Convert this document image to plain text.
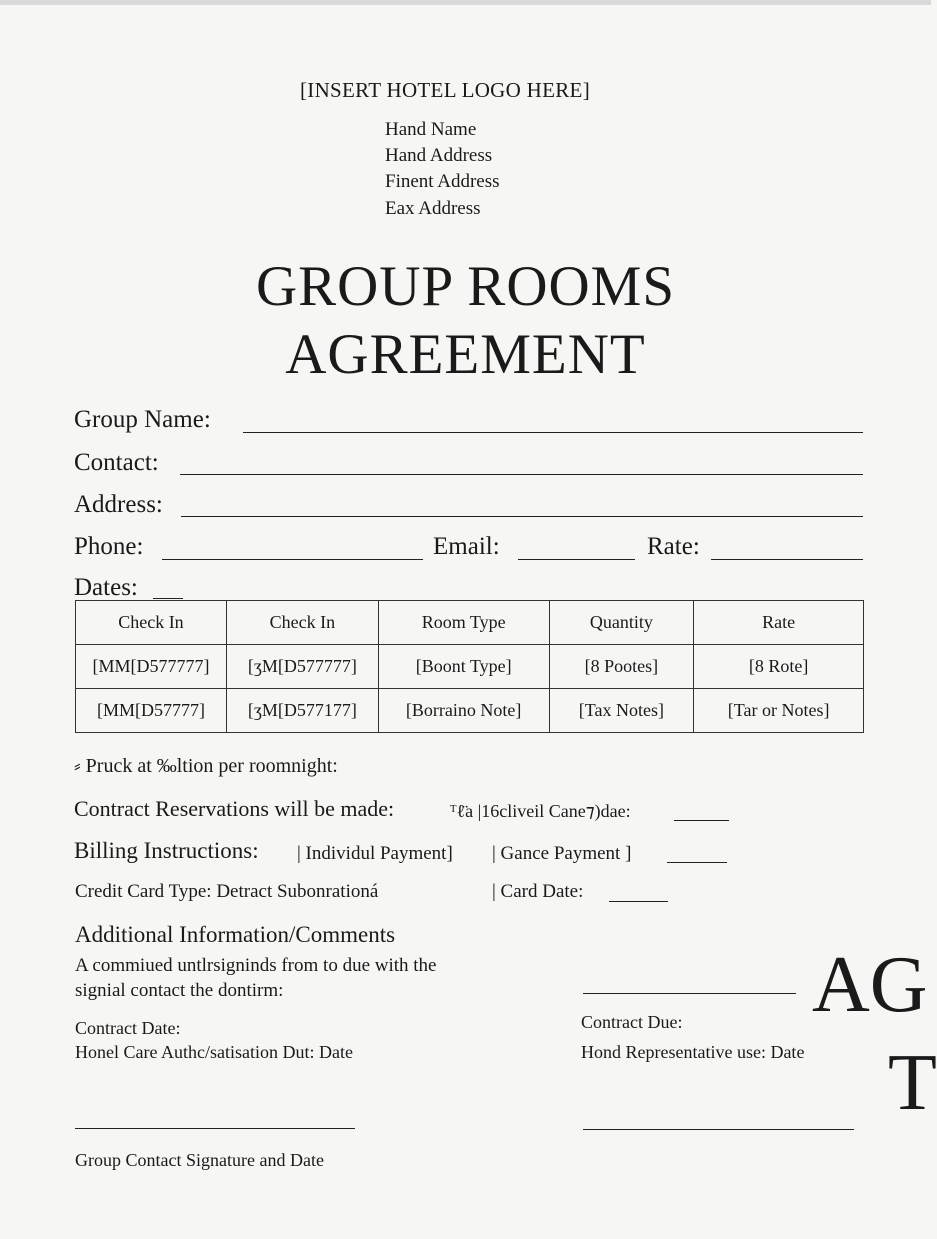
[INSERT HOTEL LOGO HERE]
Hand Name
Hand Address
Finent Address
Eax Address
GROUP ROOMS
AGREEMENT
Group Name:
Contact:
Address:
Phone:	Email:	Rate:
Dates:
Check In	Check In	Room Type	Quantity	Rate
[MM[D577777]	[ʒM[D577777]	[Boont Type]	[8 Pootes]	[8 Rote]
[MM[D57777]	[ʒM[D577177]	[Borraino Note]	[Tax Notes]	[Tar or Notes]
⸗ Pruck at ‰ltion per roomnight:
Contract Reservations will be made:	ᵀℓ̈a |16cliveil Cane⁊)dae:
Billing Instructions: | Individul Payment] | Gance Payment ]
Credit Card Type: Detract Subonrationá	| Card Date:
Additional Information/Comments
A commiued untlrsigninds from to due with the
signial contact the dontirm:	AG
T
Contract Date:
Honel Care Authc/satisation Dut: Date
Contract Due:
Hond Representative use: Date
Group Contact Signature and Date
